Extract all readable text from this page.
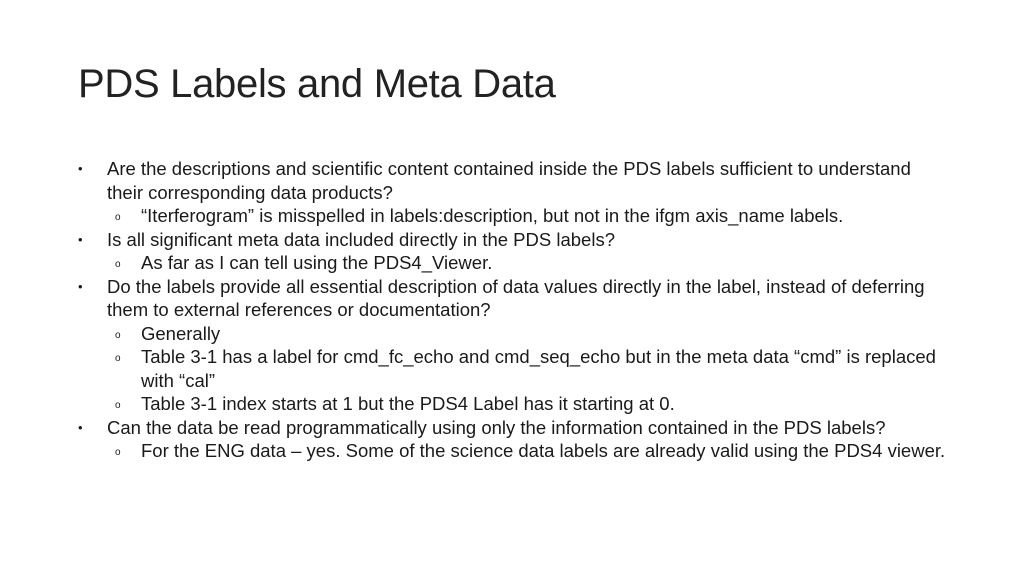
PDS Labels and Meta Data
• Are the descriptions and scientific content contained inside the PDS labels sufficient to understand their corresponding data products?
o “Iterferogram” is misspelled in labels:description, but not in the ifgm axis_name labels.
• Is all significant meta data included directly in the PDS labels?
o As far as I can tell using the PDS4_Viewer.
• Do the labels provide all essential description of data values directly in the label, instead of deferring them to external references or documentation?
o Generally
o Table 3-1 has a label for cmd_fc_echo and cmd_seq_echo but in the meta data “cmd” is replaced with “cal”
o Table 3-1 index starts at 1 but the PDS4 Label has it starting at 0.
• Can the data be read programmatically using only the information contained in the PDS labels?
o For the ENG data – yes. Some of the science data labels are already valid using the PDS4 viewer.
